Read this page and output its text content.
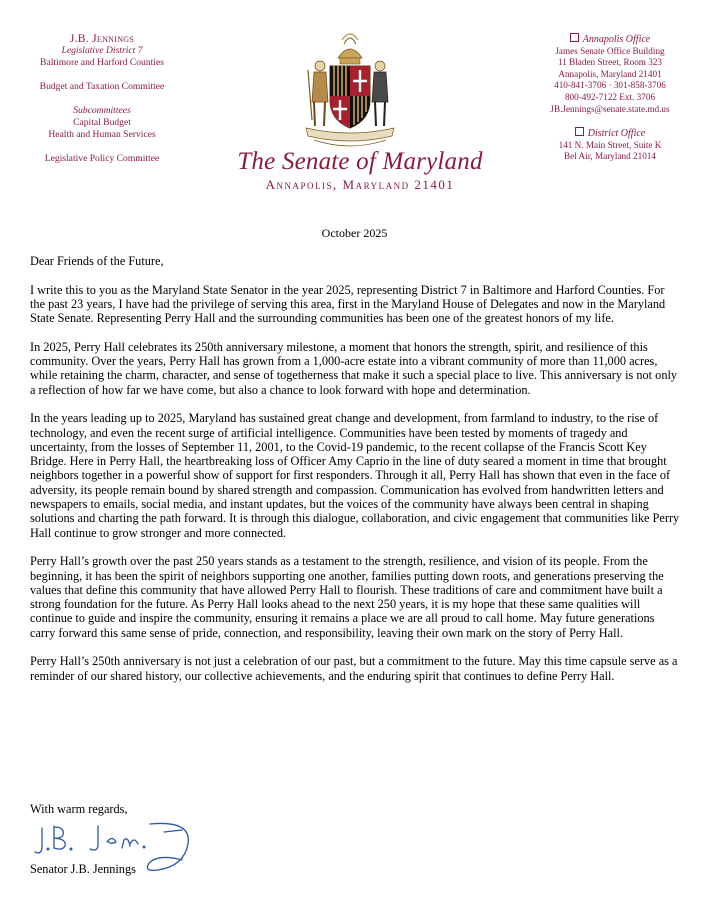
J.B. Jennings
Legislative District 7
Baltimore and Harford Counties
Budget and Taxation Committee
Subcommittees
Capital Budget
Health and Human Services
Legislative Policy Committee	The Senate of Maryland
Annapolis, Maryland 21401
Annapolis Office
James Senate Office Building
11 Bladen Street, Room 323
Annapolis, Maryland 21401
410-841-3706 · 301-858-3706
800-492-7122 Ext. 3706
JB.Jennings@senate.state.md.us
District Office
141 N. Main Street, Suite K
Bel Air, Maryland 21014
October 2025

Dear Friends of the Future,

I write this to you as the Maryland State Senator in the year 2025, representing District 7 in Baltimore and Harford Counties. For the past 23 years, I have had the privilege of serving this area, first in the Maryland House of Delegates and now in the Maryland State Senate. Representing Perry Hall and the surrounding communities has been one of the greatest honors of my life.

In 2025, Perry Hall celebrates its 250th anniversary milestone, a moment that honors the strength, spirit, and resilience of this community. Over the years, Perry Hall has grown from a 1,000-acre estate into a vibrant community of more than 11,000 acres, while retaining the charm, character, and sense of togetherness that make it such a special place to live. This anniversary is not only a reflection of how far we have come, but also a chance to look forward with hope and determination.

In the years leading up to 2025, Maryland has sustained great change and development, from farmland to industry, to the rise of technology, and even the recent surge of artificial intelligence. Communities have been tested by moments of tragedy and uncertainty, from the losses of September 11, 2001, to the Covid-19 pandemic, to the recent collapse of the Francis Scott Key Bridge. Here in Perry Hall, the heartbreaking loss of Officer Amy Caprio in the line of duty seared a moment in time that brought neighbors together in a powerful show of support for first responders. Through it all, Perry Hall has shown that even in the face of adversity, its people remain bound by shared strength and compassion. Communication has evolved from handwritten letters and newspapers to emails, social media, and instant updates, but the voices of the community have always been central in shaping solutions and charting the path forward. It is through this dialogue, collaboration, and civic engagement that communities like Perry Hall continue to grow stronger and more connected.

Perry Hall’s growth over the past 250 years stands as a testament to the strength, resilience, and vision of its people. From the beginning, it has been the spirit of neighbors supporting one another, families putting down roots, and generations preserving the values that define this community that have allowed Perry Hall to flourish. These traditions of care and commitment have built a strong foundation for the future. As Perry Hall looks ahead to the next 250 years, it is my hope that these same qualities will continue to guide and inspire the community, ensuring it remains a place we are all proud to call home. May future generations carry forward this same sense of pride, connection, and responsibility, leaving their own mark on the story of Perry Hall.

Perry Hall’s 250th anniversary is not just a celebration of our past, but a commitment to the future. May this time capsule serve as a reminder of our shared history, our collective achievements, and the enduring spirit that continues to define Perry Hall.

With warm regards,
Senator J.B. Jennings
